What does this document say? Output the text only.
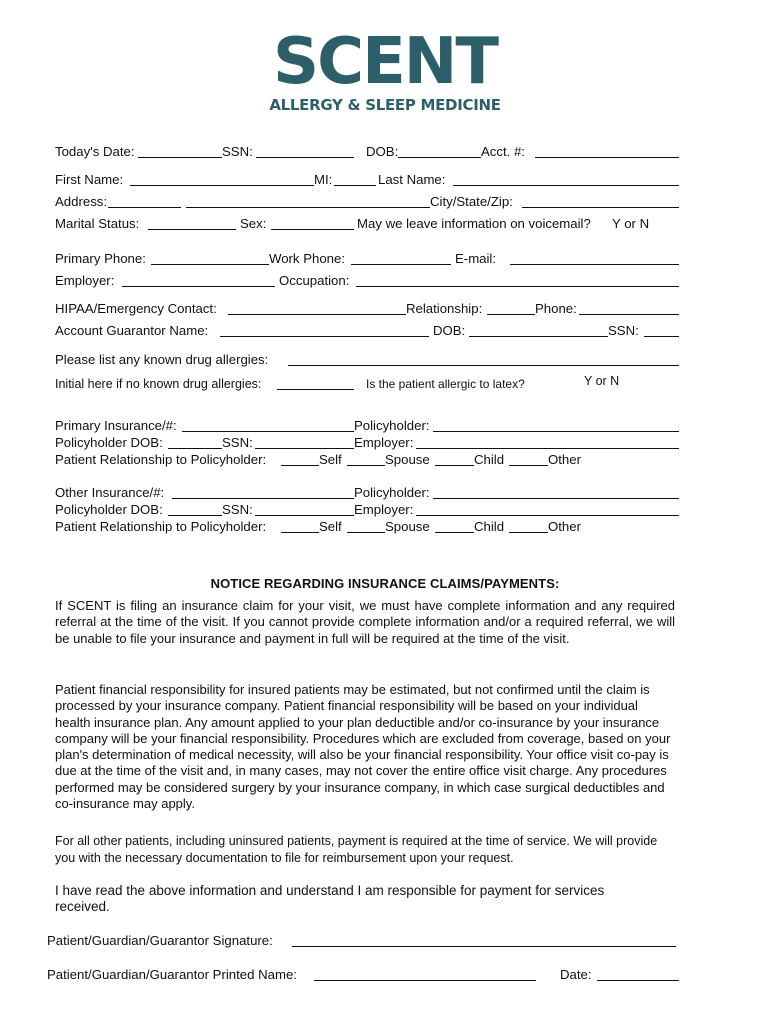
SCENT
ALLERGY & SLEEP MEDICINE
Today's Date:	SSN:	DOB:	Acct. #:
First Name:	MI:	Last Name:
Address:	City/State/Zip:
Marital Status:	Sex:	May we leave information on voicemail? Y or N
Primary Phone:	Work Phone:	E-mail:
Employer:	Occupation:
HIPAA/Emergency Contact:	Relationship:	Phone:
Account Guarantor Name:	DOB:	SSN:
Please list any known drug allergies:
Initial here if no known drug allergies:	Is the patient allergic to latex?	Y or N
Primary Insurance/#:	Policyholder:
Policyholder DOB:	SSN:	Employer:
Patient Relationship to Policyholder:	Self	Spouse	Child	Other
Other Insurance/#:	Policyholder:
Policyholder DOB:	SSN:	Employer:
Patient Relationship to Policyholder:	Self	Spouse	Child	Other
NOTICE REGARDING INSURANCE CLAIMS/PAYMENTS:
If SCENT is filing an insurance claim for your visit, we must have complete information and any required referral at the time of the visit. If you cannot provide complete information and/or a required referral, we will be unable to file your insurance and payment in full will be required at the time of the visit.
Patient financial responsibility for insured patients may be estimated, but not confirmed until the claim is processed by your insurance company. Patient financial responsibility will be based on your individual health insurance plan. Any amount applied to your plan deductible and/or co-insurance by your insurance company will be your financial responsibility. Procedures which are excluded from coverage, based on your plan's determination of medical necessity, will also be your financial responsibility. Your office visit co-pay is due at the time of the visit and, in many cases, may not cover the entire office visit charge. Any procedures performed may be considered surgery by your insurance company, in which case surgical deductibles and co-insurance may apply.
For all other patients, including uninsured patients, payment is required at the time of service. We will provide you with the necessary documentation to file for reimbursement upon your request.
I have read the above information and understand I am responsible for payment for services received.
Patient/Guardian/Guarantor Signature:
Patient/Guardian/Guarantor Printed Name:	Date:
